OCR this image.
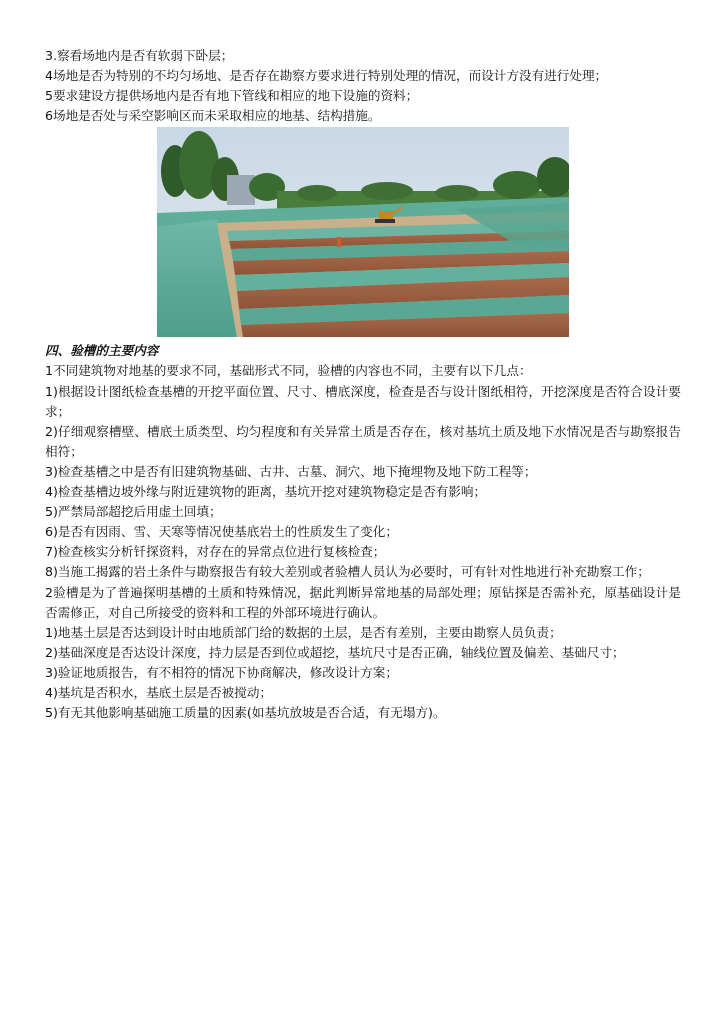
3.察看场地内是否有软弱下卧层；

4场地是否为特别的不均匀场地、是否存在勘察方要求进行特别处理的情况，而设计方没有进行处理；

5要求建设方提供场地内是否有地下管线和相应的地下设施的资料；

6场地是否处与采空影响区而未采取相应的地基、结构措施。

四、验槽的主要内容

1不同建筑物对地基的要求不同，基础形式不同，验槽的内容也不同，主要有以下几点：

1)根据设计图纸检查基槽的开挖平面位置、尺寸、槽底深度，检查是否与设计图纸相符，开挖深度是否符合设计要求；

2)仔细观察槽壁、槽底土质类型、均匀程度和有关异常土质是否存在，核对基坑土质及地下水情况是否与勘察报告相符；

3)检查基槽之中是否有旧建筑物基础、古井、古墓、洞穴、地下掩埋物及地下防工程等；

4)检查基槽边坡外缘与附近建筑物的距离，基坑开挖对建筑物稳定是否有影响；

5)严禁局部超挖后用虚土回填；

6)是否有因雨、雪、天寒等情况使基底岩土的性质发生了变化；

7)检查核实分析钎探资料，对存在的异常点位进行复核检查；

8)当施工揭露的岩土条件与勘察报告有较大差别或者验槽人员认为必要时，可有针对性地进行补充勘察工作；

2验槽是为了普遍探明基槽的土质和特殊情况，据此判断异常地基的局部处理；原钻探是否需补充，原基础设计是否需修正，对自己所接受的资料和工程的外部环境进行确认。

1)地基土层是否达到设计时由地质部门给的数据的土层，是否有差别，主要由勘察人员负责；

2)基础深度是否达设计深度，持力层是否到位或超挖，基坑尺寸是否正确，轴线位置及偏差、基础尺寸；

3)验证地质报告，有不相符的情况下协商解决，修改设计方案；

4)基坑是否积水，基底土层是否被搅动；

5)有无其他影响基础施工质量的因素(如基坑放坡是否合适，有无塌方)。
